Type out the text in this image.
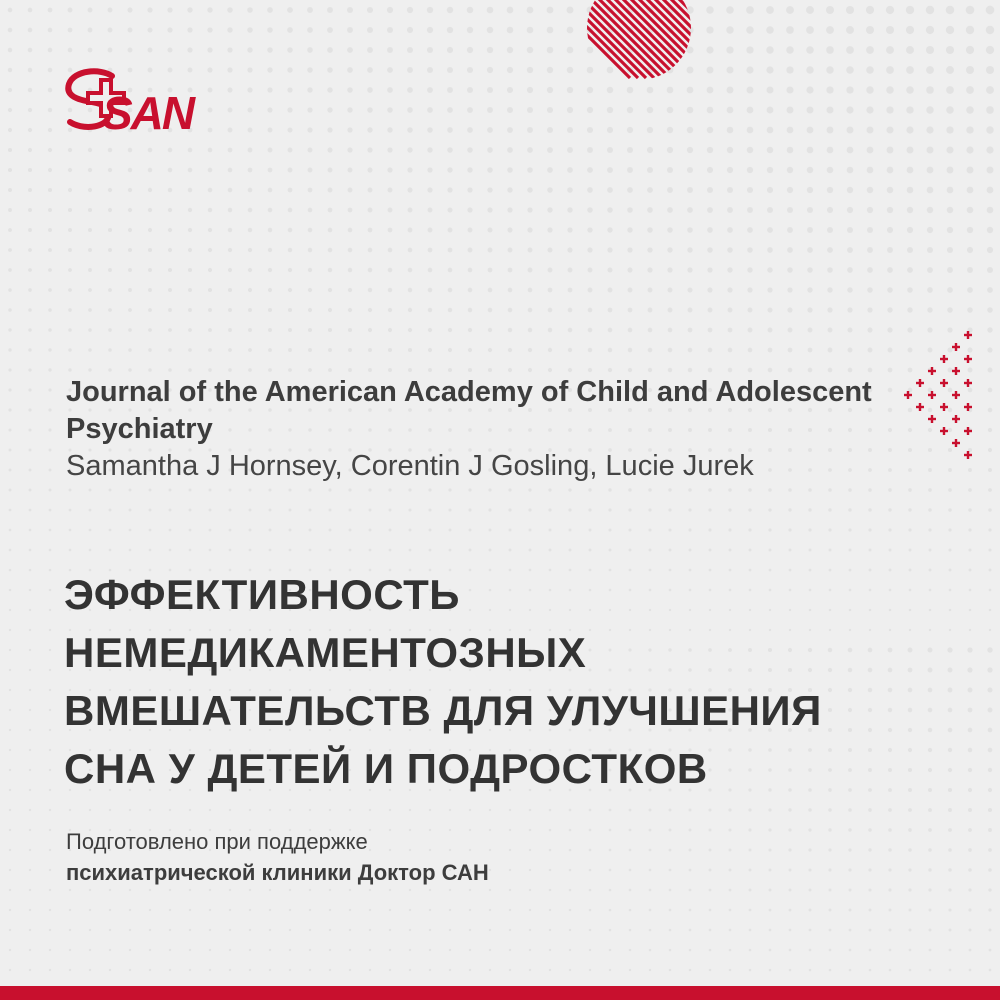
SAN
Journal of the American Academy of Child and Adolescent Psychiatry
Samantha J Hornsey, Corentin J Gosling, Lucie Jurek
ЭФФЕКТИВНОСТЬ
НЕМЕДИКАМЕНТОЗНЫХ
ВМЕШАТЕЛЬСТВ ДЛЯ УЛУЧШЕНИЯ
СНА У ДЕТЕЙ И ПОДРОСТКОВ
Подготовлено при поддержке
психиатрической клиники Доктор САН
